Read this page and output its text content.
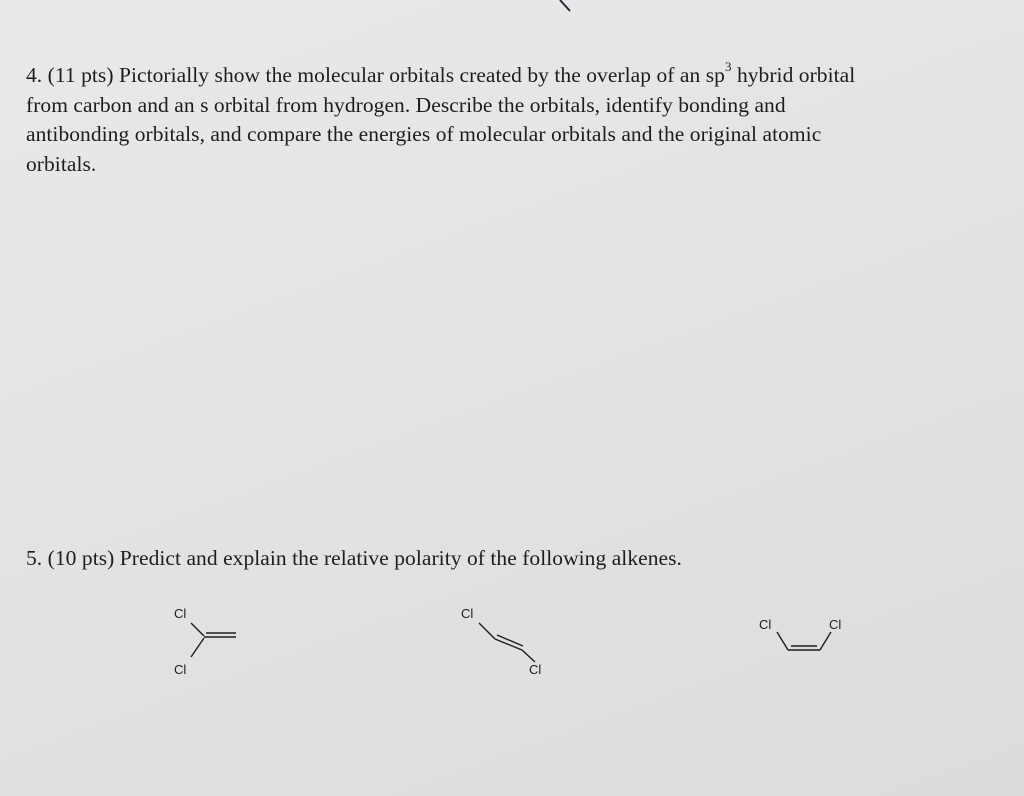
4. (11 pts) Pictorially show the molecular orbitals created by the overlap of an $sp^3$ hybrid orbital
from carbon and an s orbital from hydrogen. Describe the orbitals, identify bonding and
antibonding orbitals, and compare the energies of molecular orbitals and the original atomic
orbitals.
5. (10 pts) Predict and explain the relative polarity of the following alkenes.
Cl
Cl
Cl
Cl
Cl	Cl
